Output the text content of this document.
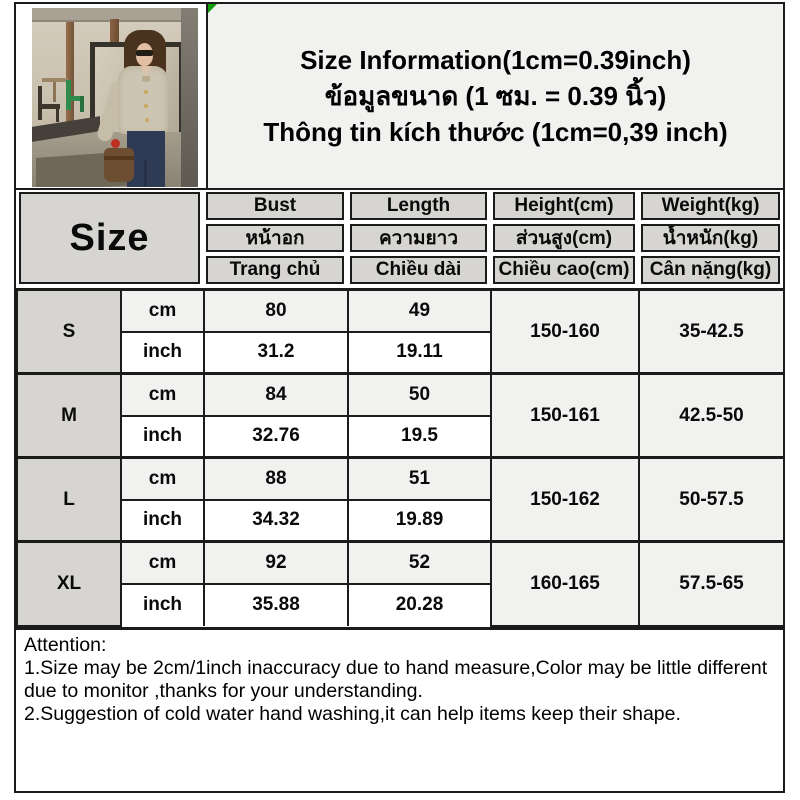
Size Information(1cm=0.39inch)
ข้อมูลขนาด (1 ซม. = 0.39 นิ้ว)
Thông tin kích thước (1cm=0,39 inch)
Size
Bust	Length	Height(cm)	Weight(kg)
หน้าอก	ความยาว	ส่วนสูง(cm)	น้ำหนัก(kg)
Trang chủ	Chiều dài	Chiều cao(cm)	Cân nặng(kg)
S	cm	80	49	150-160	35-42.5
	inch	31.2	19.11		
M	cm	84	50	150-161	42.5-50
	inch	32.76	19.5		
L	cm	88	51	150-162	50-57.5
	inch	34.32	19.89		
XL	cm	92	52	160-165	57.5-65
	inch	35.88	20.28		

Attention:

1.Size may be 2cm/1inch inaccuracy due to hand measure,Color may be little different

due to monitor ,thanks for your understanding.

2.Suggestion of cold water hand washing,it can help items keep their shape.
